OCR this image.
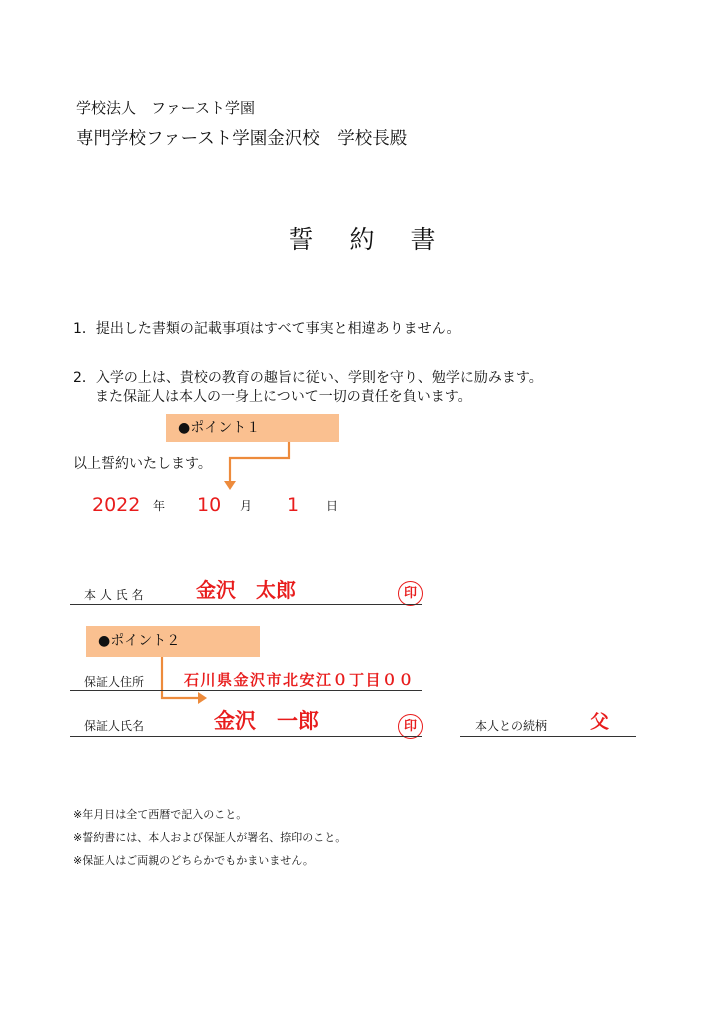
学校法人　ファースト学園
専門学校ファースト学園金沢校　学校長殿
誓約書
1．提出した書類の記載事項はすべて事実と相違ありません。
2．入学の上は、貴校の教育の趣旨に従い、学則を守り、勉学に励みます。
また保証人は本人の一身上について一切の責任を負います。
●ポイント１
以上誓約いたします。
2022 年 10 月 1 日
本 人 氏 名	金沢　太郎	印
●ポイント２
保証人住所	石川県金沢市北安江０丁目００
保証人氏名	金沢　一郎	印	本人との続柄 父
※年月日は全て西暦で記入のこと。
※誓約書には、本人および保証人が署名、捺印のこと。
※保証人はご両親のどちらかでもかまいません。
